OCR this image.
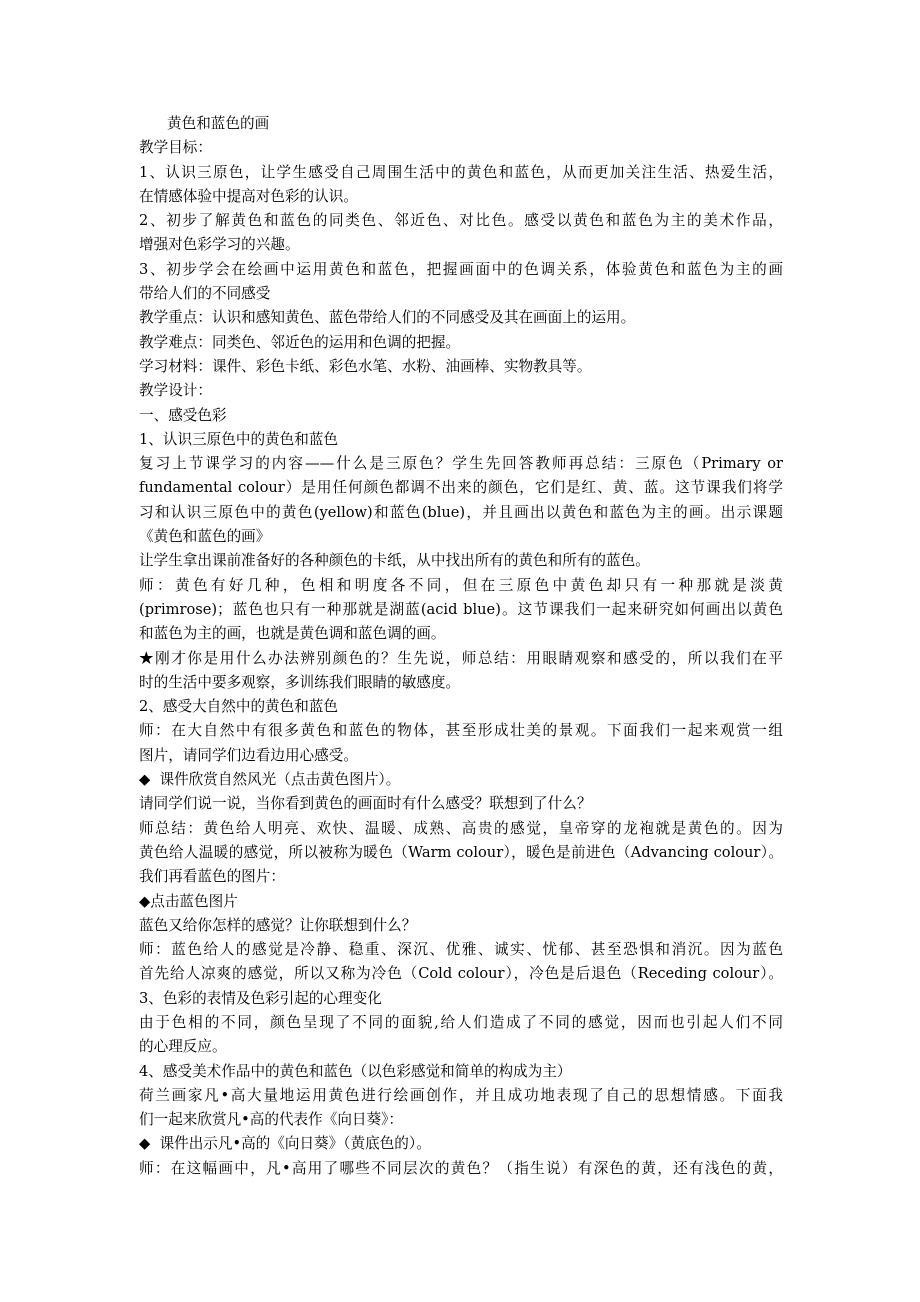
黄色和蓝色的画
教学目标：
1、认识三原色，让学生感受自己周围生活中的黄色和蓝色，从而更加关注生活、热爱生活，
在情感体验中提高对色彩的认识。
2、初步了解黄色和蓝色的同类色、邻近色、对比色。感受以黄色和蓝色为主的美术作品，
增强对色彩学习的兴趣。
3、初步学会在绘画中运用黄色和蓝色，把握画面中的色调关系，体验黄色和蓝色为主的画
带给人们的不同感受
教学重点：认识和感知黄色、蓝色带给人们的不同感受及其在画面上的运用。
教学难点：同类色、邻近色的运用和色调的把握。
学习材料：课件、彩色卡纸、彩色水笔、水粉、油画棒、实物教具等。
教学设计：
一、感受色彩
1、认识三原色中的黄色和蓝色
复习上节课学习的内容——什么是三原色？学生先回答教师再总结：三原色（Primary or
fundamental colour）是用任何颜色都调不出来的颜色，它们是红、黄、蓝。这节课我们将学
习和认识三原色中的黄色(yellow)和蓝色(blue)，并且画出以黄色和蓝色为主的画。出示课题
《黄色和蓝色的画》
让学生拿出课前准备好的各种颜色的卡纸，从中找出所有的黄色和所有的蓝色。
师：黄色有好几种，色相和明度各不同，但在三原色中黄色却只有一种那就是淡黄
(primrose)；蓝色也只有一种那就是湖蓝(acid blue)。这节课我们一起来研究如何画出以黄色
和蓝色为主的画，也就是黄色调和蓝色调的画。
★刚才你是用什么办法辨别颜色的？生先说，师总结：用眼睛观察和感受的，所以我们在平
时的生活中要多观察，多训练我们眼睛的敏感度。
2、感受大自然中的黄色和蓝色
师：在大自然中有很多黄色和蓝色的物体，甚至形成壮美的景观。下面我们一起来观赏一组
图片，请同学们边看边用心感受。
◆  课件欣赏自然风光（点击黄色图片）。
请同学们说一说，当你看到黄色的画面时有什么感受？联想到了什么？
师总结：黄色给人明亮、欢快、温暖、成熟、高贵的感觉，皇帝穿的龙袍就是黄色的。因为
黄色给人温暖的感觉，所以被称为暖色（Warm colour），暖色是前进色（Advancing colour）。
我们再看蓝色的图片：
◆点击蓝色图片
蓝色又给你怎样的感觉？让你联想到什么？
师：蓝色给人的感觉是冷静、稳重、深沉、优雅、诚实、忧郁、甚至恐惧和消沉。因为蓝色
首先给人凉爽的感觉，所以又称为冷色（Cold colour），冷色是后退色（Receding colour）。
3、色彩的表情及色彩引起的心理变化
由于色相的不同，颜色呈现了不同的面貌,给人们造成了不同的感觉，因而也引起人们不同
的心理反应。
4、感受美术作品中的黄色和蓝色（以色彩感觉和简单的构成为主）
荷兰画家凡•高大量地运用黄色进行绘画创作，并且成功地表现了自己的思想情感。下面我
们一起来欣赏凡•高的代表作《向日葵》：
◆  课件出示凡•高的《向日葵》（黄底色的）。
师：在这幅画中，凡•高用了哪些不同层次的黄色？（指生说）有深色的黄，还有浅色的黄，
